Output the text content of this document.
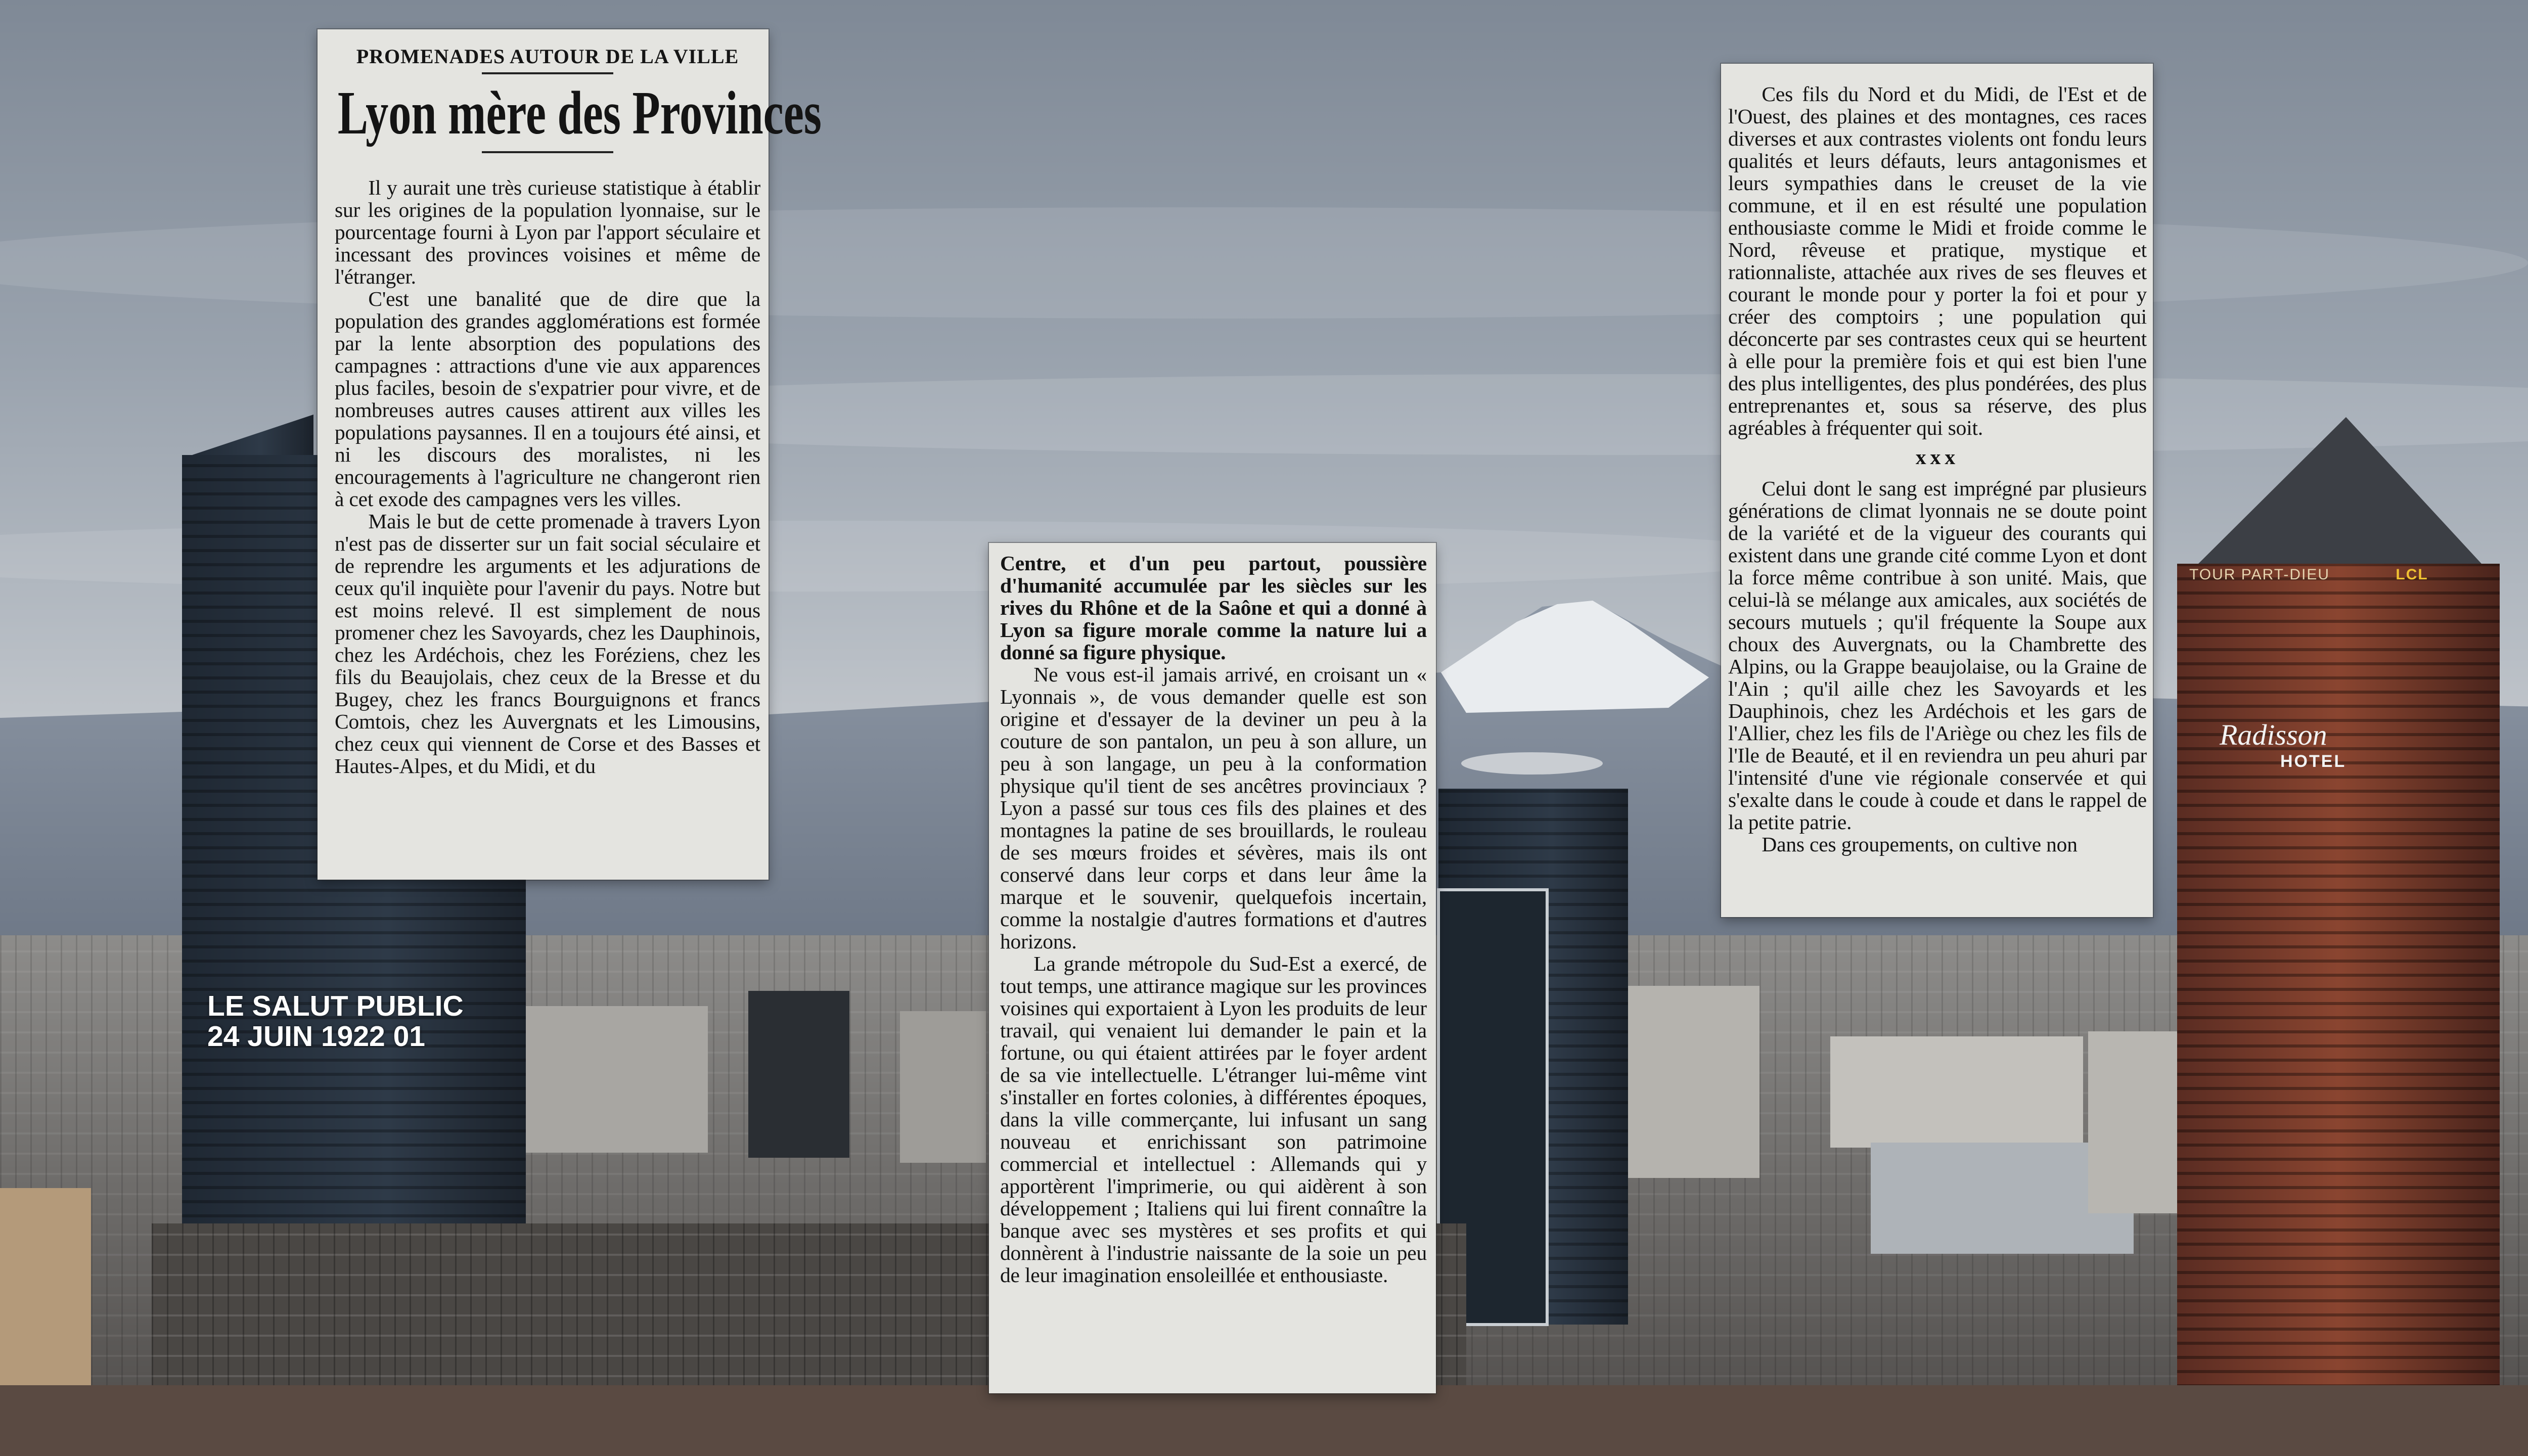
TOUR PART-DIEU	LCL
Radisson
HOTEL
PROMENADES AUTOUR DE LA VILLE
Lyon mère des Provinces

Il y aurait une très curieuse statistique à établir sur les origines de la population lyonnaise, sur le pourcentage fourni à Lyon par l'apport séculaire et incessant des provinces voisines et même de l'étranger.

C'est une banalité que de dire que la population des grandes agglomérations est formée par la lente absorption des populations des campagnes : attractions d'une vie aux apparences plus faciles, besoin de s'expatrier pour vivre, et de nombreuses autres causes attirent aux villes les populations paysannes. Il en a toujours été ainsi, et ni les discours des moralistes, ni les encouragements à l'agriculture ne changeront rien à cet exode des campagnes vers les villes.

Mais le but de cette promenade à travers Lyon n'est pas de disserter sur un fait social séculaire et de reprendre les arguments et les adjurations de ceux qu'il inquiète pour l'avenir du pays. Notre but est moins relevé. Il est simplement de nous promener chez les Savoyards, chez les Dauphinois, chez les Ardéchois, chez les Foréziens, chez les fils du Beaujolais, chez ceux de la Bresse et du Bugey, chez les francs Bourguignons et francs Comtois, chez les Auvergnats et les Limousins, chez ceux qui viennent de Corse et des Basses et Hautes-Alpes, et du Midi, et du

Centre, et d'un peu partout, poussière d'humanité accumulée par les siècles sur les rives du Rhône et de la Saône et qui a donné à Lyon sa figure morale comme la nature lui a donné sa figure physique.

Ne vous est-il jamais arrivé, en croisant un « Lyonnais », de vous demander quelle est son origine et d'essayer de la deviner un peu à la couture de son pantalon, un peu à son allure, un peu à son langage, un peu à la conformation physique qu'il tient de ses ancêtres provinciaux ? Lyon a passé sur tous ces fils des plaines et des montagnes la patine de ses brouillards, le rouleau de ses mœurs froides et sévères, mais ils ont conservé dans leur corps et dans leur âme la marque et le souvenir, quelquefois incertain, comme la nostalgie d'autres formations et d'autres horizons.

La grande métropole du Sud-Est a exercé, de tout temps, une attirance magique sur les provinces voisines qui exportaient à Lyon les produits de leur travail, qui venaient lui demander le pain et la fortune, ou qui étaient attirées par le foyer ardent de sa vie intellectuelle. L'étranger lui-même vint s'installer en fortes colonies, à différentes époques, dans la ville commerçante, lui infusant un sang nouveau et enrichissant son patrimoine commercial et intellectuel : Allemands qui y apportèrent l'imprimerie, ou qui aidèrent à son développement ; Italiens qui lui firent connaître la banque avec ses mystères et ses profits et qui donnèrent à l'industrie naissante de la soie un peu de leur imagination ensoleillée et enthousiaste.

Ces fils du Nord et du Midi, de l'Est et de l'Ouest, des plaines et des montagnes, ces races diverses et aux contrastes violents ont fondu leurs qualités et leurs défauts, leurs antagonismes et leurs sympathies dans le creuset de la vie commune, et il en est résulté une population enthousiaste comme le Midi et froide comme le Nord, rêveuse et pratique, mystique et rationnaliste, attachée aux rives de ses fleuves et courant le monde pour y porter la foi et pour y créer des comptoirs ; une population qui déconcerte par ses contrastes ceux qui se heurtent à elle pour la première fois et qui est bien l'une des plus intelligentes, des plus pondérées, des plus entreprenantes et, sous sa réserve, des plus agréables à fréquenter qui soit.

xxx

Celui dont le sang est imprégné par plusieurs générations de climat lyonnais ne se doute point de la variété et de la vigueur des courants qui existent dans une grande cité comme Lyon et dont la force même contribue à son unité. Mais, que celui-là se mélange aux amicales, aux sociétés de secours mutuels ; qu'il fréquente la Soupe aux choux des Auvergnats, ou la Chambrette des Alpins, ou la Grappe beaujolaise, ou la Graine de l'Ain ; qu'il aille chez les Savoyards et les Dauphinois, chez les Ardéchois et les gars de l'Allier, chez les fils de l'Ariège ou chez les fils de l'Ile de Beauté, et il en reviendra un peu ahuri par l'intensité d'une vie régionale conservée et qui s'exalte dans le coude à coude et dans le rappel de la petite patrie.

Dans ces groupements, on cultive non

LE SALUT PUBLIC
24 JUIN 1922 01
